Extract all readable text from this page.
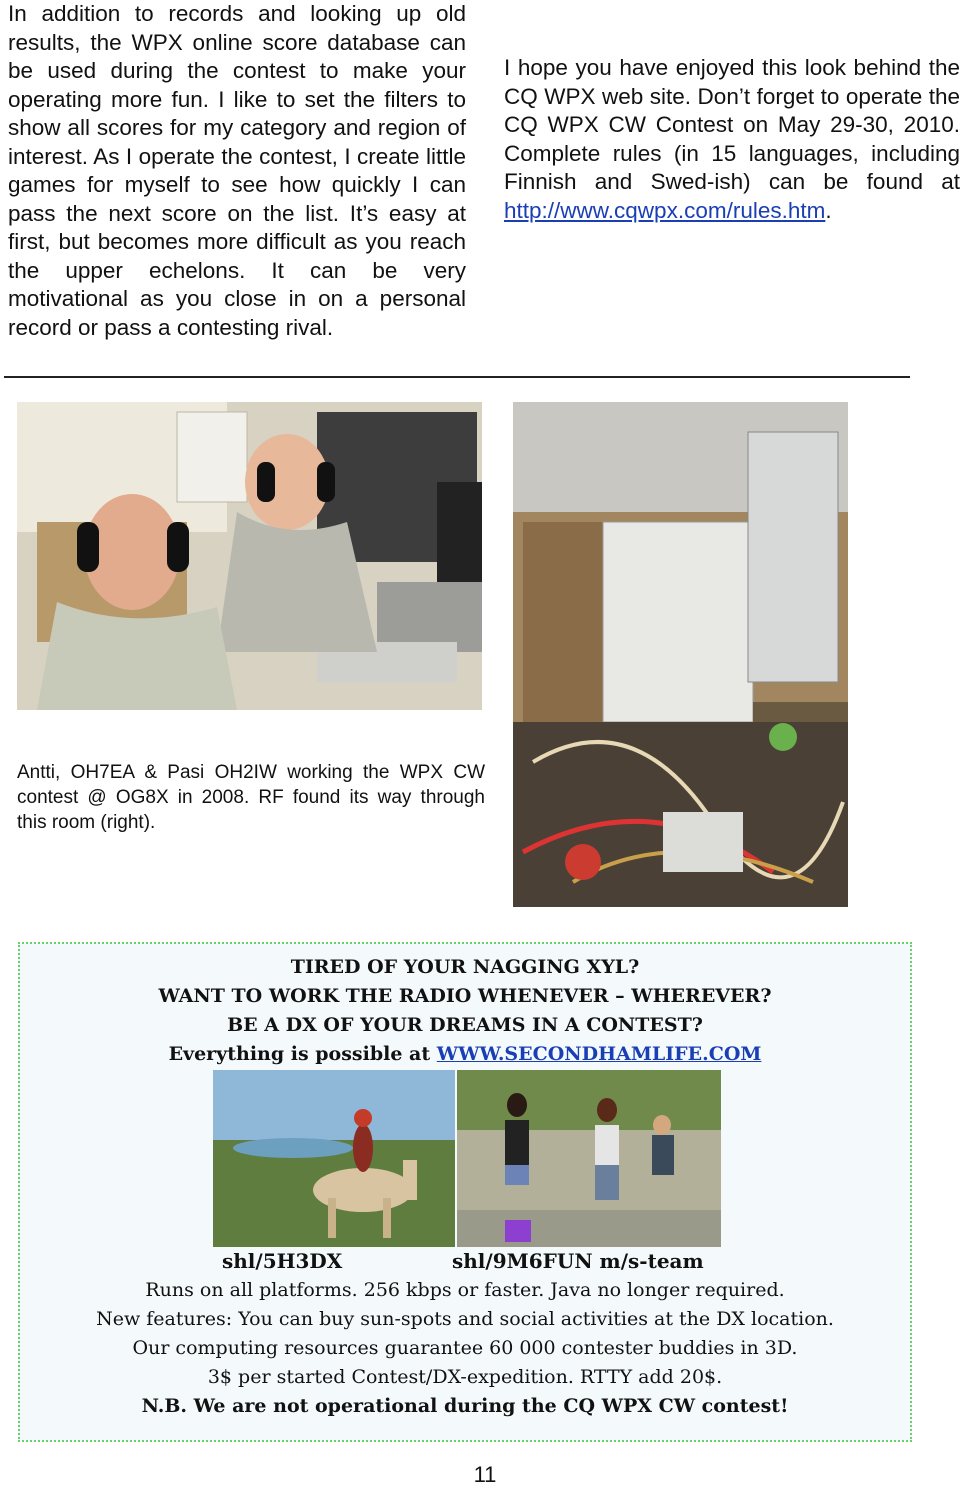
In addition to records and looking up old results, the WPX online score database can be used during the contest to make your operating more fun. I like to set the filters to show all scores for my category and region of interest. As I operate the contest, I create little games for myself to see how quickly I can pass the next score on the list. It’s easy at first, but becomes more difficult as you reach the upper echelons. It can be very motivational as you close in on a personal record or pass a contesting rival.
I hope you have enjoyed this look behind the CQ WPX web site. Don’t forget to operate the CQ WPX CW Contest on May 29-30, 2010. Complete rules (in 15 languages, including Finnish and Swed-ish) can be found at http://www.cqwpx.com/rules.htm.
Antti, OH7EA & Pasi OH2IW working the WPX CW contest @ OG8X in 2008. RF found its way through this room (right).
TIRED OF YOUR NAGGING XYL?
WANT TO WORK THE RADIO WHENEVER – WHEREVER?
BE A DX OF YOUR DREAMS IN A CONTEST?
Everything is possible at WWW.SECONDHAMLIFE.COM
shl/5H3DX	shl/9M6FUN m/s-team
Runs on all platforms. 256 kbps or faster. Java no longer required.
New features: You can buy sun-spots and social activities at the DX location.
Our computing resources guarantee 60 000 contester buddies in 3D.
3$ per started Contest/DX-expedition. RTTY add 20$.
N.B. We are not operational during the CQ WPX CW contest!
11
